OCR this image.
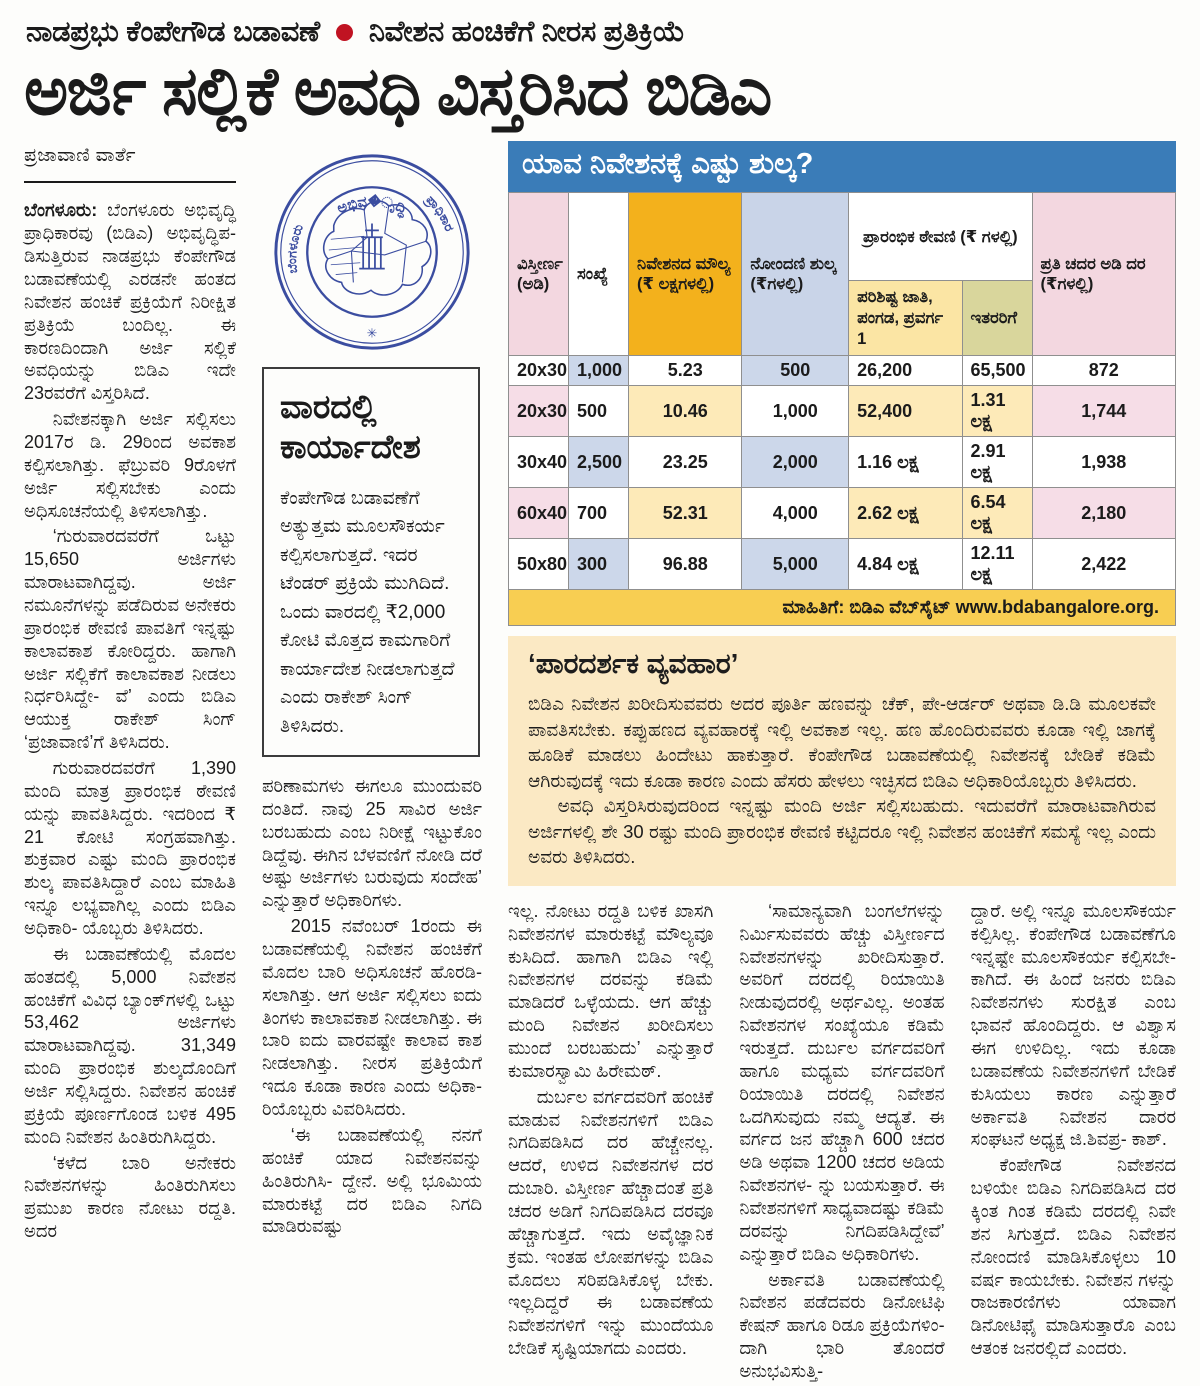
ನಾಡಪ್ರಭು ಕೆಂಪೇಗೌಡ ಬಡಾವಣೆ ನಿವೇಶನ ಹಂಚಿಕೆಗೆ ನೀರಸ ಪ್ರತಿಕ್ರಿಯೆ
ಅರ್ಜಿ ಸಲ್ಲಿಕೆ ಅವಧಿ ವಿಸ್ತರಿಸಿದ ಬಿಡಿಎ
ಪ್ರಜಾವಾಣಿ ವಾರ್ತೆ

ಬೆಂಗಳೂರು: ಬೆಂಗಳೂರು ಅಭಿವೃದ್ಧಿ ಪ್ರಾಧಿಕಾರವು (ಬಿಡಿಎ) ಅಭಿವೃದ್ಧಿಪ- ಡಿಸುತ್ತಿರುವ ನಾಡಪ್ರಭು ಕೆಂಪೇಗೌಡ ಬಡಾವಣೆಯಲ್ಲಿ ಎರಡನೇ ಹಂತದ ನಿವೇಶನ ಹಂಚಿಕೆ ಪ್ರಕ್ರಿಯೆಗೆ ನಿರೀಕ್ಷಿತ ಪ್ರತಿಕ್ರಿಯೆ ಬಂದಿಲ್ಲ. ಈ ಕಾರಣದಿಂದಾಗಿ ಅರ್ಜಿ ಸಲ್ಲಿಕೆ ಅವಧಿಯನ್ನು ಬಿಡಿಎ ಇದೇ 23ರವರೆಗೆ ವಿಸ್ತರಿಸಿದೆ.

ನಿವೇಶನಕ್ಕಾಗಿ ಅರ್ಜಿ ಸಲ್ಲಿಸಲು 2017ರ ಡಿ. 29ರಿಂದ ಅವಕಾಶ ಕಲ್ಪಿಸಲಾಗಿತ್ತು. ಫೆಬ್ರುವರಿ 9ರೊಳಗೆ ಅರ್ಜಿ ಸಲ್ಲಿಸಬೇಕು ಎಂದು ಅಧಿಸೂಚನೆಯಲ್ಲಿ ತಿಳಿಸಲಾಗಿತ್ತು.

‘ಗುರುವಾರದವರೆಗೆ ಒಟ್ಟು 15,650 ಅರ್ಜಿಗಳು ಮಾರಾಟವಾಗಿದ್ದವು. ಅರ್ಜಿ ನಮೂನೆಗಳನ್ನು ಪಡೆದಿರುವ ಅನೇಕರು ಪ್ರಾರಂಭಿಕ ಠೇವಣಿ ಪಾವತಿಗೆ ಇನ್ನಷ್ಟು ಕಾಲಾವಕಾಶ ಕೋರಿದ್ದರು. ಹಾಗಾಗಿ ಅರ್ಜಿ ಸಲ್ಲಿಕೆಗೆ ಕಾಲಾವಕಾಶ ನೀಡಲು ನಿರ್ಧರಿಸಿದ್ದೇ- ವೆ’ ಎಂದು ಬಿಡಿಎ ಆಯುಕ್ತ ರಾಕೇಶ್ ಸಿಂಗ್ ‘ಪ್ರಜಾವಾಣಿ’ಗೆ ತಿಳಿಸಿದರು.

ಗುರುವಾರದವರೆಗೆ 1,390 ಮಂದಿ ಮಾತ್ರ ಪ್ರಾರಂಭಿಕ ಠೇವಣಿ ಯನ್ನು ಪಾವತಿಸಿದ್ದರು. ಇದರಿಂದ ₹ 21 ಕೋಟಿ ಸಂಗ್ರಹವಾಗಿತ್ತು. ಶುಕ್ರವಾರ ಎಷ್ಟು ಮಂದಿ ಪ್ರಾರಂಭಿಕ ಶುಲ್ಕ ಪಾವತಿಸಿದ್ದಾರೆ ಎಂಬ ಮಾಹಿತಿ ಇನ್ನೂ ಲಭ್ಯವಾಗಿಲ್ಲ ಎಂದು ಬಿಡಿಎ ಅಧಿಕಾರಿ- ಯೊಬ್ಬರು ತಿಳಿಸಿದರು.

ಈ ಬಡಾವಣೆಯಲ್ಲಿ ಮೊದಲ ಹಂತದಲ್ಲಿ 5,000 ನಿವೇಶನ ಹಂಚಿಕೆಗೆ ವಿವಿಧ ಬ್ಯಾಂಕ್‌ಗಳಲ್ಲಿ ಒಟ್ಟು 53,462 ಅರ್ಜಿಗಳು ಮಾರಾಟವಾಗಿದ್ದವು. 31,349 ಮಂದಿ ಪ್ರಾರಂಭಿಕ ಶುಲ್ಕದೊಂದಿಗೆ ಅರ್ಜಿ ಸಲ್ಲಿಸಿದ್ದರು. ನಿವೇಶನ ಹಂಚಿಕೆ ಪ್ರಕ್ರಿಯೆ ಪೂರ್ಣಗೊಂಡ ಬಳಿಕ 495 ಮಂದಿ ನಿವೇಶನ ಹಿಂತಿರುಗಿಸಿದ್ದರು.

‘ಕಳೆದ ಬಾರಿ ಅನೇಕರು ನಿವೇಶನಗಳನ್ನು ಹಿಂತಿರುಗಿಸಲು ಪ್ರಮುಖ ಕಾರಣ ನೋಟು ರದ್ದತಿ. ಅದರ

ಅಭಿವ�ೃದ್ಧಿ
ಬೆಂಗಳೂರು
ಪ್ರಾಧಿಕಾರ
✳
ವಾರದಲ್ಲಿ ಕಾರ್ಯಾದೇಶ

ಕೆಂಪೇಗೌಡ ಬಡಾವಣೆಗೆ ಅತ್ಯುತ್ತಮ ಮೂಲಸೌಕರ್ಯ ಕಲ್ಪಿಸಲಾಗುತ್ತದೆ. ಇದರ ಟೆಂಡರ್ ಪ್ರಕ್ರಿಯೆ ಮುಗಿದಿದೆ. ಒಂದು ವಾರದಲ್ಲಿ ₹2,000 ಕೋಟಿ ಮೊತ್ತದ ಕಾಮಗಾರಿಗೆ ಕಾರ್ಯಾದೇಶ ನೀಡಲಾಗುತ್ತದೆ ಎಂದು ರಾಕೇಶ್ ಸಿಂಗ್ ತಿಳಿಸಿದರು.

ಪರಿಣಾಮಗಳು ಈಗಲೂ ಮುಂದುವರಿ ದಂತಿದೆ. ನಾವು 25 ಸಾವಿರ ಅರ್ಜಿ ಬರಬಹುದು ಎಂಬ ನಿರೀಕ್ಷೆ ಇಟ್ಟುಕೊಂ ಡಿದ್ದೆವು. ಈಗಿನ ಬೆಳವಣಿಗೆ ನೋಡಿ ದರೆ ಅಷ್ಟು ಅರ್ಜಿಗಳು ಬರುವುದು ಸಂದೇಹ’ ಎನ್ನುತ್ತಾರೆ ಅಧಿಕಾರಿಗಳು.

2015 ನವೆಂಬರ್ 1ರಂದು ಈ ಬಡಾವಣೆಯಲ್ಲಿ ನಿವೇಶನ ಹಂಚಿಕೆಗೆ ಮೊದಲ ಬಾರಿ ಅಧಿಸೂಚನೆ ಹೊರಡಿ- ಸಲಾಗಿತ್ತು. ಆಗ ಅರ್ಜಿ ಸಲ್ಲಿಸಲು ಐದು ತಿಂಗಳು ಕಾಲಾವಕಾಶ ನೀಡಲಾಗಿತ್ತು. ಈ ಬಾರಿ ಐದು ವಾರವಷ್ಟೇ ಕಾಲಾವ ಕಾಶ ನೀಡಲಾಗಿತ್ತು. ನೀರಸ ಪ್ರತಿಕ್ರಿಯೆಗೆ ಇದೂ ಕೂಡಾ ಕಾರಣ ಎಂದು ಅಧಿಕಾ- ರಿಯೊಬ್ಬರು ವಿವರಿಸಿದರು.

‘ಈ ಬಡಾವಣೆಯಲ್ಲಿ ನನಗೆ ಹಂಚಿಕೆ ಯಾದ ನಿವೇಶನವನ್ನು ಹಿಂತಿರುಗಿಸಿ- ದ್ದೇನೆ. ಅಲ್ಲಿ ಭೂಮಿಯ ಮಾರುಕಟ್ಟೆ ದರ ಬಿಡಿಎ ನಿಗದಿ ಮಾಡಿರುವಷ್ಟು

ಯಾವ ನಿವೇಶನಕ್ಕೆ ಎಷ್ಟು ಶುಲ್ಕ?
ವಿಸ್ತೀರ್ಣ (ಅಡಿ)	ಸಂಖ್ಯೆ	ನಿವೇಶನದ ಮೌಲ್ಯ (₹ ಲಕ್ಷಗಳಲ್ಲಿ)	ನೋಂದಣಿ ಶುಲ್ಕ (₹ಗಳಲ್ಲಿ)	ಪ್ರಾರಂಭಿಕ ಠೇವಣಿ (₹ ಗಳಲ್ಲಿ)		ಪ್ರತಿ ಚದರ ಅಡಿ ದರ (₹ಗಳಲ್ಲಿ)
				ಪರಿಶಿಷ್ಟ ಜಾತಿ, ಪಂಗಡ, ಪ್ರವರ್ಗ 1	ಇತರರಿಗೆ	
20x30	1,000	5.23	500	26,200	65,500	872
20x30	500	10.46	1,000	52,400	1.31 ಲಕ್ಷ	1,744
30x40	2,500	23.25	2,000	1.16 ಲಕ್ಷ	2.91 ಲಕ್ಷ	1,938
60x40	700	52.31	4,000	2.62 ಲಕ್ಷ	6.54 ಲಕ್ಷ	2,180
50x80	300	96.88	5,000	4.84 ಲಕ್ಷ	12.11 ಲಕ್ಷ	2,422
ಮಾಹಿತಿಗೆ: ಬಿಡಿಎ ವೆಬ್‌ಸೈಟ್ www.bdabangalore.org.						
‘ಪಾರದರ್ಶಕ ವ್ಯವಹಾರ’

ಬಿಡಿಎ ನಿವೇಶನ ಖರೀದಿಸುವವರು ಅದರ ಪೂರ್ತಿ ಹಣವನ್ನು ಚೆಕ್, ಪೇ-ಆರ್ಡರ್ ಅಥವಾ ಡಿ.ಡಿ ಮೂಲಕವೇ ಪಾವತಿಸಬೇಕು. ಕಪ್ಪುಹಣದ ವ್ಯವಹಾರಕ್ಕೆ ಇಲ್ಲಿ ಅವಕಾಶ ಇಲ್ಲ. ಹಣ ಹೊಂದಿರುವವರು ಕೂಡಾ ಇಲ್ಲಿ ಜಾಗಕ್ಕೆ ಹೂಡಿಕೆ ಮಾಡಲು ಹಿಂದೇಟು ಹಾಕುತ್ತಾರೆ. ಕೆಂಪೇಗೌಡ ಬಡಾವಣೆಯಲ್ಲಿ ನಿವೇಶನಕ್ಕೆ ಬೇಡಿಕೆ ಕಡಿಮೆ ಆಗಿರುವುದಕ್ಕೆ ಇದು ಕೂಡಾ ಕಾರಣ ಎಂದು ಹೆಸರು ಹೇಳಲು ಇಚ್ಛಿಸದ ಬಿಡಿಎ ಅಧಿಕಾರಿಯೊಬ್ಬರು ತಿಳಿಸಿದರು.

ಅವಧಿ ವಿಸ್ತರಿಸಿರುವುದರಿಂದ ಇನ್ನಷ್ಟು ಮಂದಿ ಅರ್ಜಿ ಸಲ್ಲಿಸಬಹುದು. ಇದುವರೆಗೆ ಮಾರಾಟವಾಗಿರುವ ಅರ್ಜಿಗಳಲ್ಲಿ ಶೇ 30 ರಷ್ಟು ಮಂದಿ ಪ್ರಾರಂಭಿಕ ಠೇವಣಿ ಕಟ್ಟಿದರೂ ಇಲ್ಲಿ ನಿವೇಶನ ಹಂಚಿಕೆಗೆ ಸಮಸ್ಯೆ ಇಲ್ಲ ಎಂದು ಅವರು ತಿಳಿಸಿದರು.

ಇಲ್ಲ. ನೋಟು ರದ್ದತಿ ಬಳಿಕ ಖಾಸಗಿ ನಿವೇಶನಗಳ ಮಾರುಕಟ್ಟೆ ಮೌಲ್ಯವೂ ಕುಸಿದಿದೆ. ಹಾಗಾಗಿ ಬಿಡಿಎ ಇಲ್ಲಿ ನಿವೇಶನಗಳ ದರವನ್ನು ಕಡಿಮೆ ಮಾಡಿದರೆ ಒಳ್ಳೆಯದು. ಆಗ ಹೆಚ್ಚು ಮಂದಿ ನಿವೇಶನ ಖರೀದಿಸಲು ಮುಂದೆ ಬರಬಹುದು’ ಎನ್ನುತ್ತಾರೆ ಕುಮಾರಸ್ವಾಮಿ ಹಿರೇಮಠ್.

ದುರ್ಬಲ ವರ್ಗದವರಿಗೆ ಹಂಚಿಕೆ ಮಾಡುವ ನಿವೇಶನಗಳಿಗೆ ಬಿಡಿಎ ನಿಗದಿಪಡಿಸಿದ ದರ ಹೆಚ್ಚೇನಲ್ಲ. ಆದರೆ, ಉಳಿದ ನಿವೇಶನಗಳ ದರ ದುಬಾರಿ. ವಿಸ್ತೀರ್ಣ ಹೆಚ್ಚಾದಂತೆ ಪ್ರತಿ ಚದರ ಅಡಿಗೆ ನಿಗದಿಪಡಿಸಿದ ದರವೂ ಹೆಚ್ಚಾಗುತ್ತದೆ. ಇದು ಅವೈಜ್ಞಾನಿಕ ಕ್ರಮ. ಇಂತಹ ಲೋಪಗಳನ್ನು ಬಿಡಿಎ ಮೊದಲು ಸರಿಪಡಿಸಿಕೊಳ್ಳ ಬೇಕು. ಇಲ್ಲದಿದ್ದರೆ ಈ ಬಡಾವಣೆಯ ನಿವೇಶನಗಳಿಗೆ ಇನ್ನು ಮುಂದೆಯೂ ಬೇಡಿಕೆ ಸೃಷ್ಟಿಯಾಗದು ಎಂದರು.

‘ಸಾಮಾನ್ಯವಾಗಿ ಬಂಗಲೆಗಳನ್ನು ನಿರ್ಮಿಸುವವರು ಹೆಚ್ಚು ವಿಸ್ತೀರ್ಣದ ನಿವೇಶನಗಳನ್ನು ಖರೀದಿಸುತ್ತಾರೆ. ಅವರಿಗೆ ದರದಲ್ಲಿ ರಿಯಾಯಿತಿ ನೀಡುವುದರಲ್ಲಿ ಅರ್ಥವಿಲ್ಲ. ಅಂತಹ ನಿವೇಶನಗಳ ಸಂಖ್ಯೆಯೂ ಕಡಿಮೆ ಇರುತ್ತದೆ. ದುರ್ಬಲ ವರ್ಗದವರಿಗೆ ಹಾಗೂ ಮಧ್ಯಮ ವರ್ಗದವರಿಗೆ ರಿಯಾಯಿತಿ ದರದಲ್ಲಿ ನಿವೇಶನ ಒದಗಿಸುವುದು ನಮ್ಮ ಆದ್ಯತೆ. ಈ ವರ್ಗದ ಜನ ಹೆಚ್ಚಾಗಿ 600 ಚದರ ಅಡಿ ಅಥವಾ 1200 ಚದರ ಅಡಿಯ ನಿವೇಶನಗಳ- ನ್ನು ಬಯಸುತ್ತಾರೆ. ಈ ನಿವೇಶನಗಳಿಗೆ ಸಾಧ್ಯವಾದಷ್ಟು ಕಡಿಮೆ ದರವನ್ನು ನಿಗದಿಪಡಿಸಿದ್ದೇವೆ’ ಎನ್ನುತ್ತಾರೆ ಬಿಡಿಎ ಅಧಿಕಾರಿಗಳು.

ಅರ್ಕಾವತಿ ಬಡಾವಣೆಯಲ್ಲಿ ನಿವೇಶನ ಪಡೆದವರು ಡಿನೋಟಿಫಿ ಕೇಷನ್ ಹಾಗೂ ರಿಡೂ ಪ್ರಕ್ರಿಯೆಗಳಿಂ- ದಾಗಿ ಭಾರಿ ತೊಂದರೆ ಅನುಭವಿಸುತ್ತಿ-

ದ್ದಾರೆ. ಅಲ್ಲಿ ಇನ್ನೂ ಮೂಲಸೌಕರ್ಯ ಕಲ್ಪಿಸಿಲ್ಲ. ಕೆಂಪೇಗೌಡ ಬಡಾವಣೆಗೂ ಇನ್ನಷ್ಟೇ ಮೂಲಸೌಕರ್ಯ ಕಲ್ಪಿಸಬೇ- ಕಾಗಿದೆ. ಈ ಹಿಂದೆ ಜನರು ಬಿಡಿಎ ನಿವೇಶನಗಳು ಸುರಕ್ಷಿತ ಎಂಬ ಭಾವನೆ ಹೊಂದಿದ್ದರು. ಆ ವಿಶ್ವಾಸ ಈಗ ಉಳಿದಿಲ್ಲ. ಇದು ಕೂಡಾ ಬಡಾವಣೆಯ ನಿವೇಶನಗಳಿಗೆ ಬೇಡಿಕೆ ಕುಸಿಯಲು ಕಾರಣ ಎನ್ನುತ್ತಾರೆ ಅರ್ಕಾವತಿ ನಿವೇಶನ ದಾರರ ಸಂಘಟನೆ ಅಧ್ಯಕ್ಷ ಜಿ.ಶಿವಪ್ರ- ಕಾಶ್.

ಕೆಂಪೇಗೌಡ ನಿವೇಶನದ ಬಳಿಯೇ ಬಿಡಿಎ ನಿಗದಿಪಡಿಸಿದ ದರ ಕ್ಕಿಂತ ಗಿಂತ ಕಡಿಮೆ ದರದಲ್ಲಿ ನಿವೇ ಶನ ಸಿಗುತ್ತದೆ. ಬಿಡಿಎ ನಿವೇಶನ ನೋಂದಣಿ ಮಾಡಿಸಿಕೊಳ್ಳಲು 10 ವರ್ಷ ಕಾಯಬೇಕು. ನಿವೇಶನ ಗಳನ್ನು ರಾಜಕಾರಣಿಗಳು ಯಾವಾಗ ಡಿನೋಟಿಫೈ ಮಾಡಿಸುತ್ತಾರೊ ಎಂಬ ಆತಂಕ ಜನರಲ್ಲಿದೆ ಎಂದರು.
